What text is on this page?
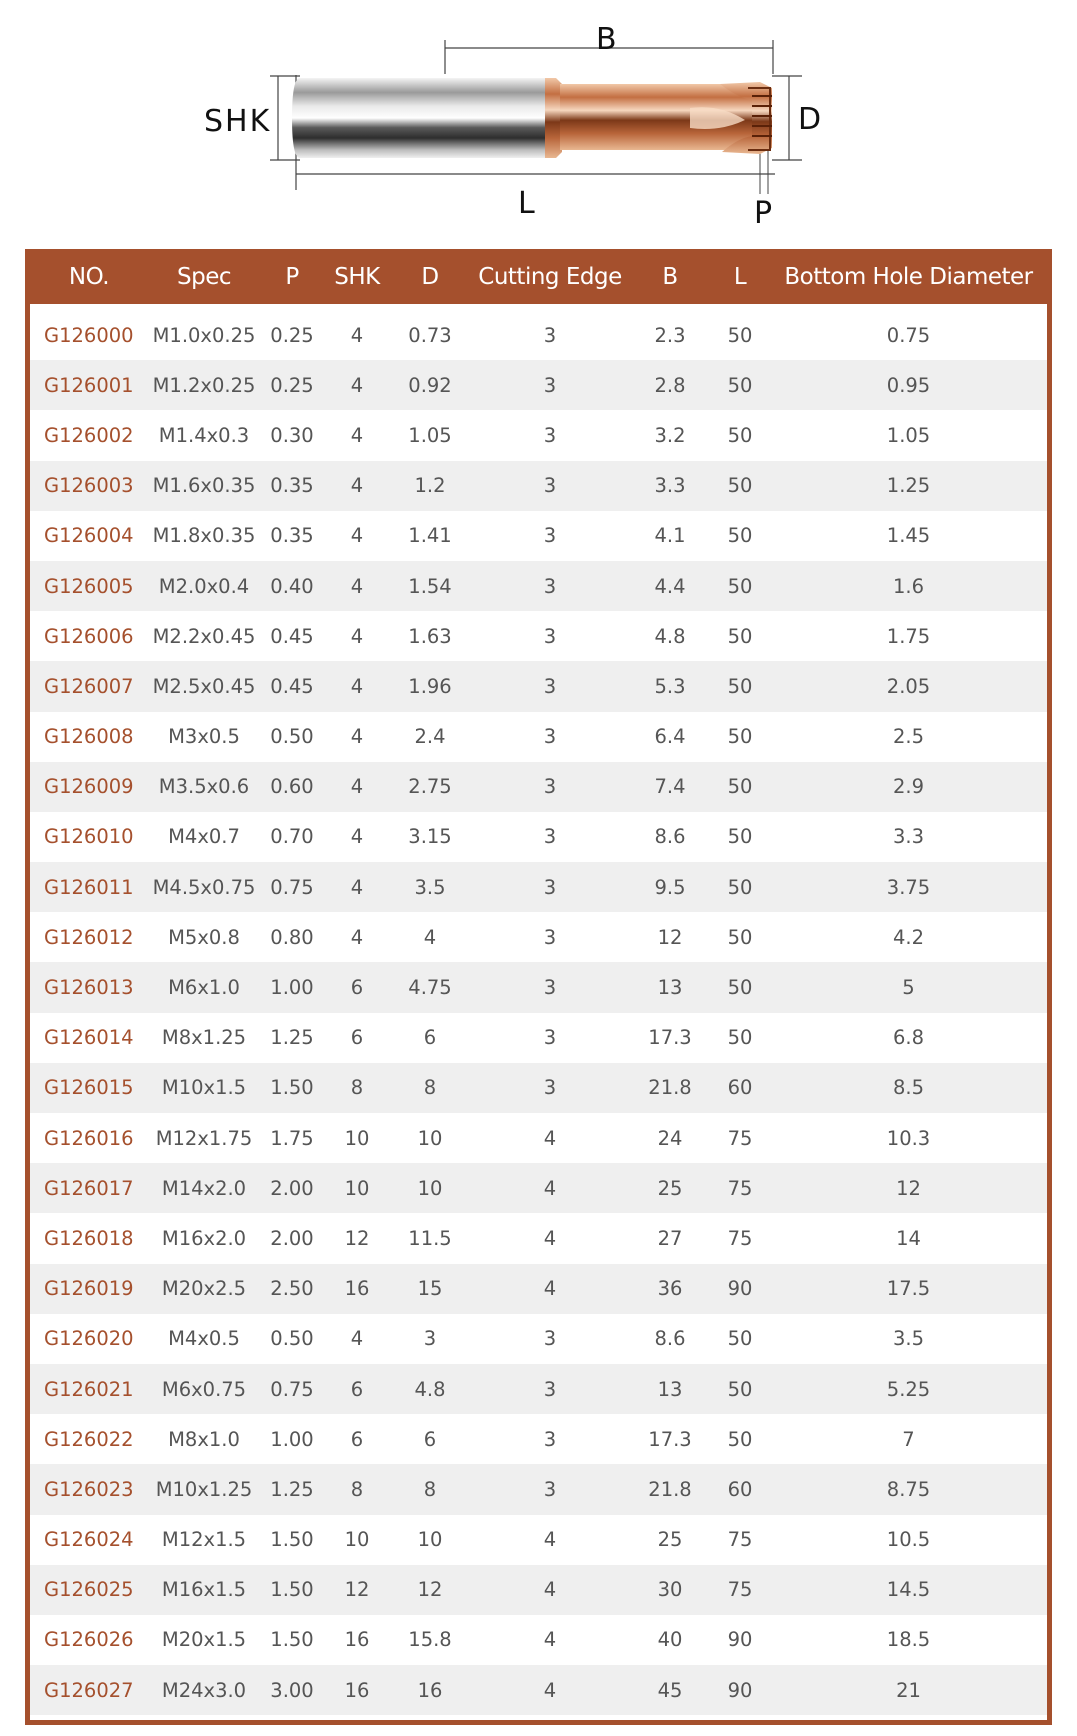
SHK
B
D
L	P
NO.	Spec	P	SHK	D	Cutting Edge	B	L	Bottom Hole Diameter
G126000	M1.0x0.25	0.25	4	0.73	3	2.3	50	0.75
G126001	M1.2x0.25	0.25	4	0.92	3	2.8	50	0.95
G126002	M1.4x0.3	0.30	4	1.05	3	3.2	50	1.05
G126003	M1.6x0.35	0.35	4	1.2	3	3.3	50	1.25
G126004	M1.8x0.35	0.35	4	1.41	3	4.1	50	1.45
G126005	M2.0x0.4	0.40	4	1.54	3	4.4	50	1.6
G126006	M2.2x0.45	0.45	4	1.63	3	4.8	50	1.75
G126007	M2.5x0.45	0.45	4	1.96	3	5.3	50	2.05
G126008	M3x0.5	0.50	4	2.4	3	6.4	50	2.5
G126009	M3.5x0.6	0.60	4	2.75	3	7.4	50	2.9
G126010	M4x0.7	0.70	4	3.15	3	8.6	50	3.3
G126011	M4.5x0.75	0.75	4	3.5	3	9.5	50	3.75
G126012	M5x0.8	0.80	4	4	3	12	50	4.2
G126013	M6x1.0	1.00	6	4.75	3	13	50	5
G126014	M8x1.25	1.25	6	6	3	17.3	50	6.8
G126015	M10x1.5	1.50	8	8	3	21.8	60	8.5
G126016	M12x1.75	1.75	10	10	4	24	75	10.3
G126017	M14x2.0	2.00	10	10	4	25	75	12
G126018	M16x2.0	2.00	12	11.5	4	27	75	14
G126019	M20x2.5	2.50	16	15	4	36	90	17.5
G126020	M4x0.5	0.50	4	3	3	8.6	50	3.5
G126021	M6x0.75	0.75	6	4.8	3	13	50	5.25
G126022	M8x1.0	1.00	6	6	3	17.3	50	7
G126023	M10x1.25	1.25	8	8	3	21.8	60	8.75
G126024	M12x1.5	1.50	10	10	4	25	75	10.5
G126025	M16x1.5	1.50	12	12	4	30	75	14.5
G126026	M20x1.5	1.50	16	15.8	4	40	90	18.5
G126027	M24x3.0	3.00	16	16	4	45	90	21
